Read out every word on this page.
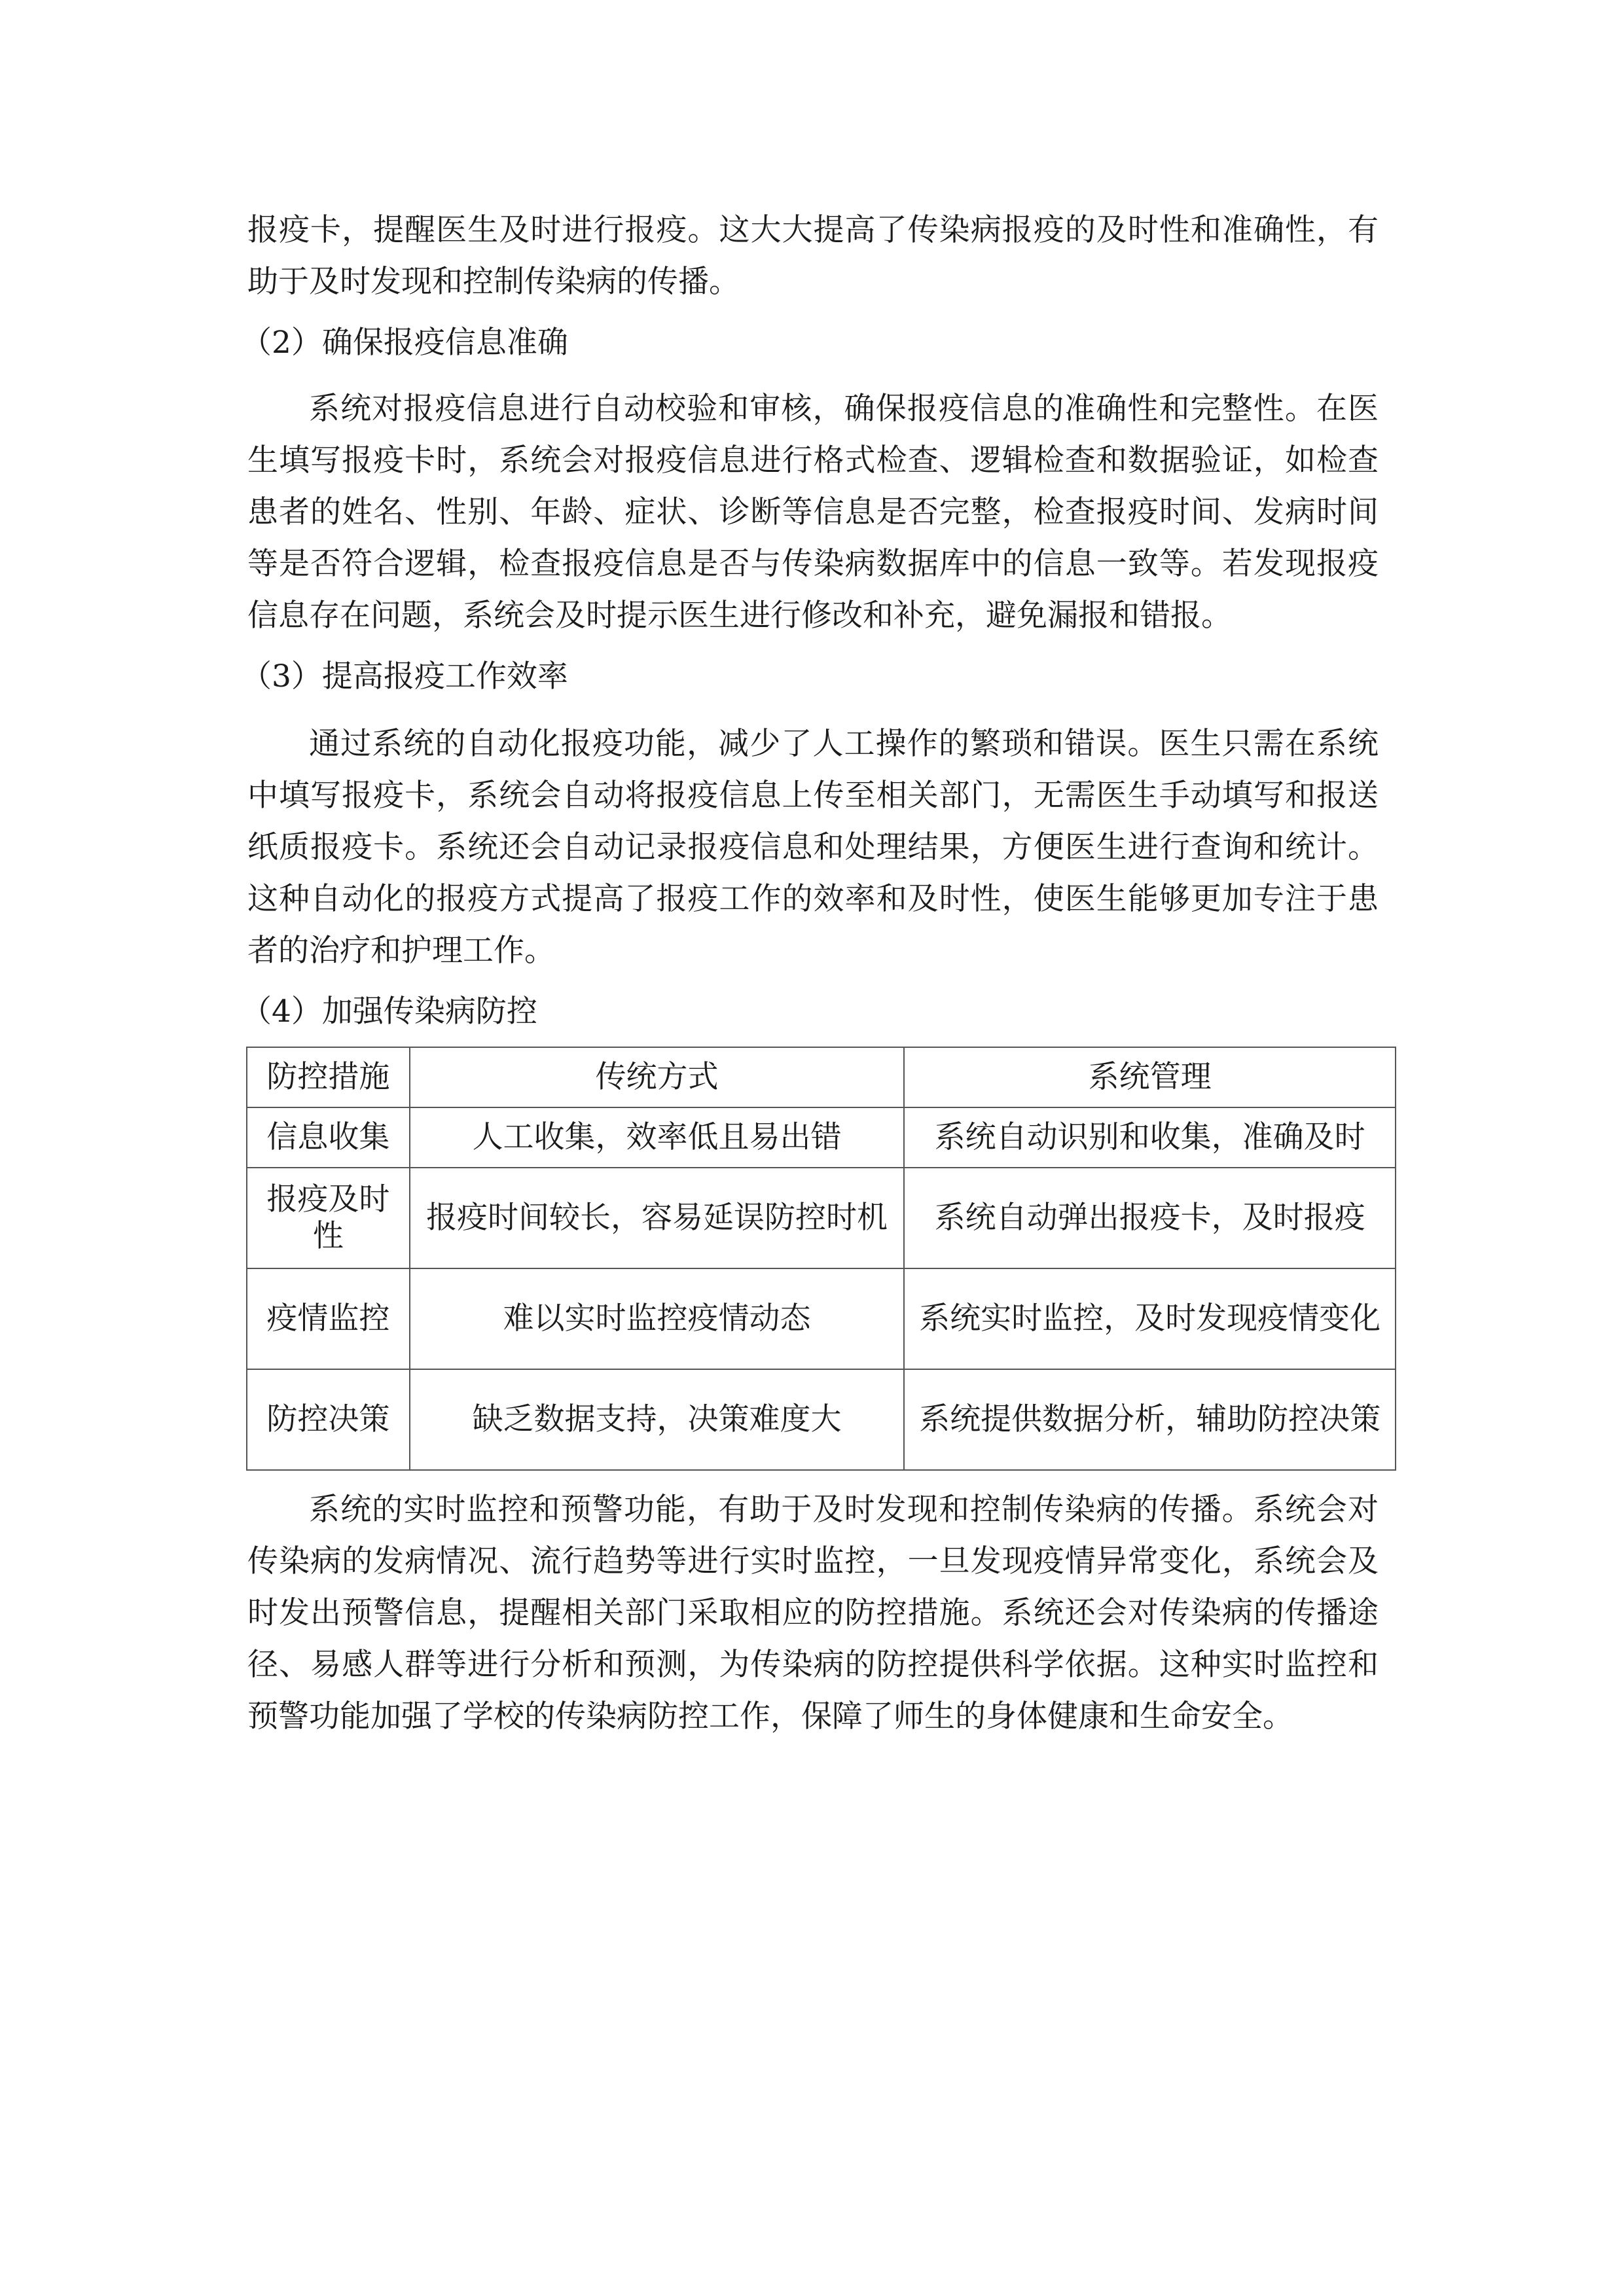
报疫卡，提醒医生及时进行报疫。这大大提高了传染病报疫的及时性和准确性，有助于及时发现和控制传染病的传播。

（2）确保报疫信息准确

系统对报疫信息进行自动校验和审核，确保报疫信息的准确性和完整性。在医生填写报疫卡时，系统会对报疫信息进行格式检查、逻辑检查和数据验证，如检查患者的姓名、性别、年龄、症状、诊断等信息是否完整，检查报疫时间、发病时间等是否符合逻辑，检查报疫信息是否与传染病数据库中的信息一致等。若发现报疫信息存在问题，系统会及时提示医生进行修改和补充，避免漏报和错报。

（3）提高报疫工作效率

通过系统的自动化报疫功能，减少了人工操作的繁琐和错误。医生只需在系统中填写报疫卡，系统会自动将报疫信息上传至相关部门，无需医生手动填写和报送纸质报疫卡。系统还会自动记录报疫信息和处理结果，方便医生进行查询和统计。这种自动化的报疫方式提高了报疫工作的效率和及时性，使医生能够更加专注于患者的治疗和护理工作。

（4）加强传染病防控

防控措施	传统方式	系统管理
信息收集	人工收集，效率低且易出错	系统自动识别和收集，准确及时
报疫及时性	报疫时间较长，容易延误防控时机	系统自动弹出报疫卡，及时报疫
疫情监控	难以实时监控疫情动态	系统实时监控，及时发现疫情变化
防控决策	缺乏数据支持，决策难度大	系统提供数据分析，辅助防控决策

系统的实时监控和预警功能，有助于及时发现和控制传染病的传播。系统会对传染病的发病情况、流行趋势等进行实时监控，一旦发现疫情异常变化，系统会及时发出预警信息，提醒相关部门采取相应的防控措施。系统还会对传染病的传播途径、易感人群等进行分析和预测，为传染病的防控提供科学依据。这种实时监控和预警功能加强了学校的传染病防控工作，保障了师生的身体健康和生命安全。
